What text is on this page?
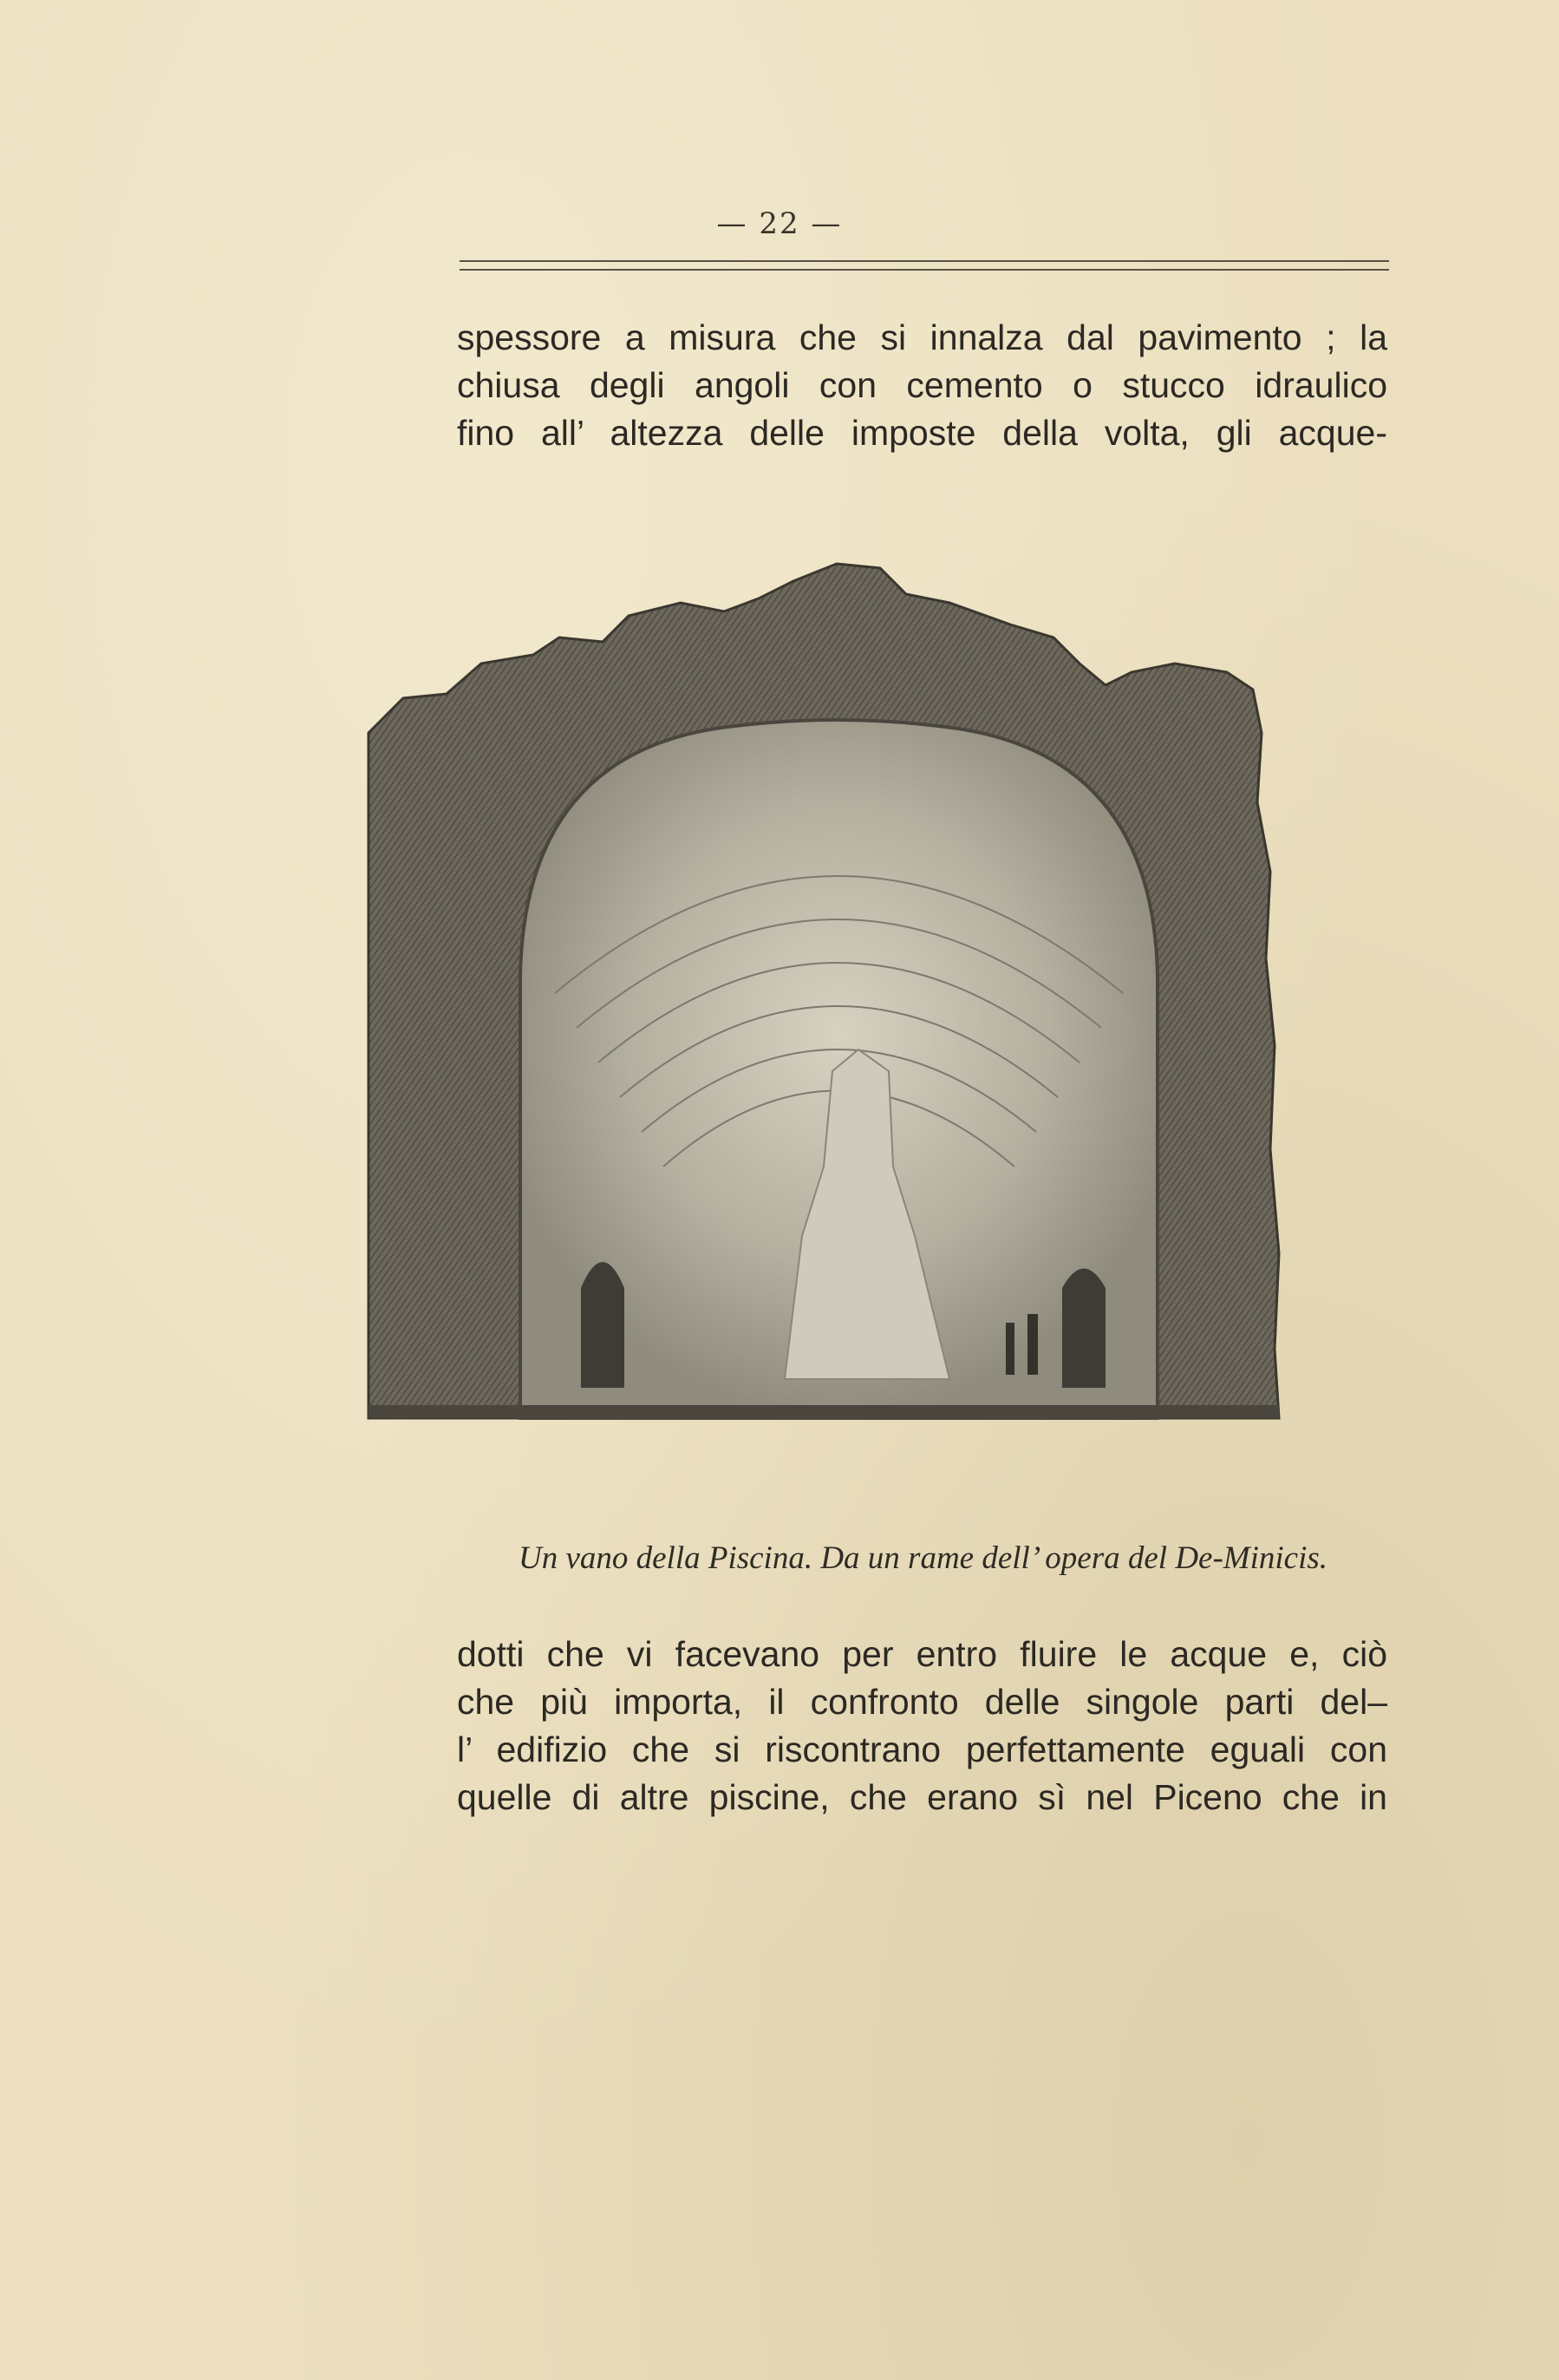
— 22 —
spessore a misura che si innalza dal pavimento ; la
chiusa degli angoli con cemento o stucco idraulico
fino all’ altezza delle imposte della volta, gli acque-
Un vano della Piscina. Da un rame dell’ opera del De-Minicis.
dotti che vi facevano per entro fluire le acque e, ciò
che più importa, il confronto delle singole parti del–
l’ edifizio che si riscontrano perfettamente eguali con
quelle di altre piscine, che erano sì nel Piceno che in
